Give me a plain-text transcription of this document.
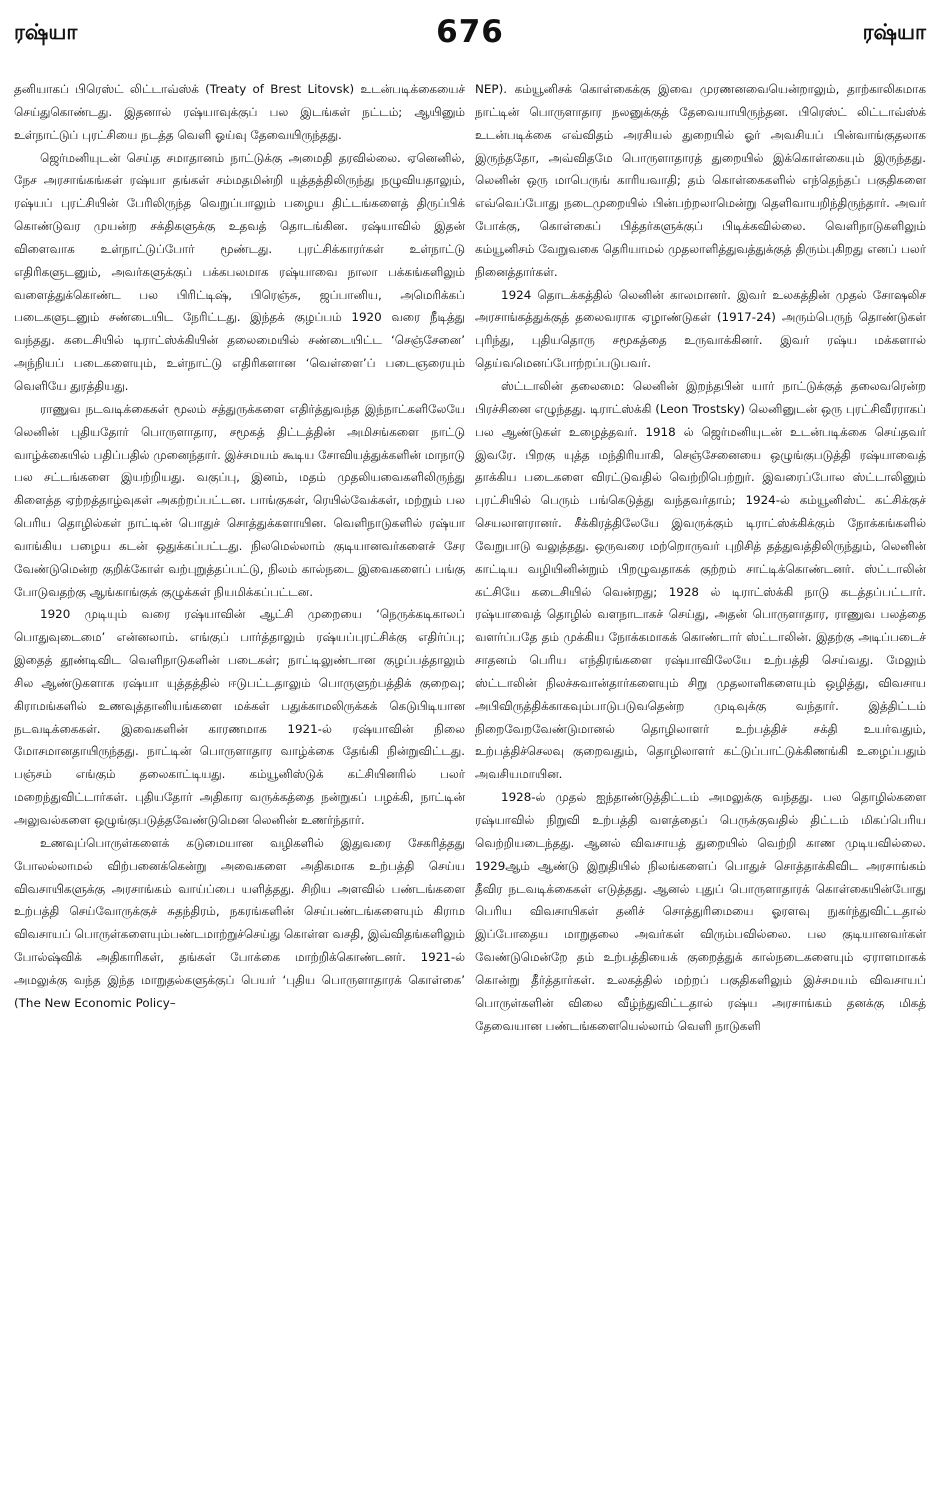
ரஷ்யா	676	ரஷ்யா

தனியாகப் பிரெஸ்ட் லிட்டாவ்ஸ்க் (Treaty of Brest Litovsk) உடன்படிக்கையைச் செய்துகொண்டது. இதனால் ரஷ்யாவுக்குப் பல இடங்கள் நட்டம்; ஆயினும் உள்நாட்டுப் புரட்சியை நடத்த வெளி ஓய்வு தேவையிருந்தது.

ஜெர்மனியுடன் செய்த சமாதானம் நாட்டுக்கு அமைதி தரவில்லை. ஏனெனில், நேச அரசாங்கங்கள் ரஷ்யா தங்கள் சம்மதமின்றி யுத்தத்திலிருந்து நழுவியதாலும், ரஷ்யப் புரட்சியின் பேரிலிருந்த வெறுப்பாலும் பழைய திட்டங்களைத் திருப்பிக் கொண்டுவர முயன்ற சக்திகளுக்கு உதவத் தொடங்கின. ரஷ்யாவில் இதன் விளைவாக உள்நாட்டுப்போர் மூண்டது. புரட்சிக்காரர்கள் உள்நாட்டு எதிரிகளுடனும், அவர்களுக்குப் பக்கபலமாக ரஷ்யாவை நாலா பக்கங்களிலும் வளைத்துக்கொண்ட பல பிரிட்டிஷ், பிரெஞ்சு, ஜப்பானிய, அமெரிக்கப் படைகளுடனும் சண்டையிட நேரிட்டது. இந்தக் குழப்பம் 1920 வரை நீடித்து வந்தது. கடைசியில் டிராட்ஸ்க்கியின் தலைமையில் சண்டையிட்ட ‘செஞ்சேனை’ அந்நியப் படைகளையும், உள்நாட்டு எதிரிகளான ‘வெள்ளை’ப் படைஞரையும் வெளியே துரத்தியது.

ராணுவ நடவடிக்கைகள் மூலம் சத்துருக்களை எதிர்த்துவந்த இந்நாட்களிலேயே லெனின் புதியதோர் பொருளாதார, சமூகத் திட்டத்தின் அமிசங்களை நாட்டு வாழ்க்கையில் பதிப்பதில் முனைந்தார். இச்சமயம் கூடிய சோவியத்துக்களின் மாநாடு பல சட்டங்களை இயற்றியது. வகுப்பு, இனம், மதம் முதலியவைகளிலிருந்து கிளைத்த ஏற்றத்தாழ்வுகள் அகற்றப்பட்டன. பாங்குகள், ரெயில்வேக்கள், மற்றும் பல பெரிய தொழில்கள் நாட்டின் பொதுச் சொத்துக்களாயின. வெளிநாடுகளில் ரஷ்யா வாங்கிய பழைய கடன் ஒதுக்கப்பட்டது. நிலமெல்லாம் குடியானவர்களைச் சேர வேண்டுமென்ற குறிக்கோள் வற்புறுத்தப்பட்டு, நிலம் கால்நடை இவைகளைப் பங்கு போடுவதற்கு ஆங்காங்குக் குழுக்கள் நியமிக்கப்பட்டன.

1920 முடியும் வரை ரஷ்யாவின் ஆட்சி முறையை ‘நெருக்கடிகாலப் பொதுவுடைமை’ என்னலாம். எங்குப் பார்த்தாலும் ரஷ்யப்புரட்சிக்கு எதிர்ப்பு; இதைத் தூண்டிவிட வெளிநாடுகளின் படைகள்; நாட்டிலுண்டான குழப்பத்தாலும் சில ஆண்டுகளாக ரஷ்யா யுத்தத்தில் ஈடுபட்டதாலும் பொருளுற்பத்திக் குறைவு; கிராமங்களில் உணவுத்தானியங்களை மக்கள் பதுக்காமலிருக்கக் கெடுபிடியான நடவடிக்கைகள். இவைகளின் காரணமாக 1921-ல் ரஷ்யாவின் நிலை மோசமானதாயிருந்தது. நாட்டின் பொருளாதார வாழ்க்கை தேங்கி நின்றுவிட்டது. பஞ்சம் எங்கும் தலைகாட்டியது. கம்யூனிஸ்டுக் கட்சியினரில் பலர் மறைந்துவிட்டார்கள். புதியதோர் அதிகார வருக்கத்தை நன்றுகப் பழக்கி, நாட்டின் அலுவல்களை ஒழுங்குபடுத்தவேண்டுமென லெனின் உணர்ந்தார்.

உணவுப்பொருள்களைக் கடுமையான வழிகளில் இதுவரை சேகரித்தது போலல்லாமல் விற்பனைக்கென்று அவைகளை அதிகமாக உற்பத்தி செய்ய விவசாயிகளுக்கு அரசாங்கம் வாய்ப்பை யளித்தது. சிறிய அளவில் பண்டங்களை உற்பத்தி செய்வோருக்குச் சுதந்திரம், நகரங்களின் செய்பண்டங்களையும் கிராம விவசாயப் பொருள்களையும்பண்டமாற்றுச்செய்து கொள்ள வசதி, இவ்விதங்களிலும் போல்ஷ்விக் அதிகாரிகள், தங்கள் போக்கை மாற்றிக்கொண்டனர். 1921-ல் அமலுக்கு வந்த இந்த மாறுதல்களுக்குப் பெயர் ‘புதிய பொருளாதாரக் கொள்கை’ (The New Economic Policy–

NEP). கம்யூனிசக் கொள்கைக்கு இவை முரணனவையென்றாலும், தாற்காலிகமாக நாட்டின் பொருளாதார நலனுக்குத் தேவையாயிருந்தன. பிரெஸ்ட் லிட்டாவ்ஸ்க் உடன்படிக்கை எவ்விதம் அரசியல் துறையில் ஓர் அவசியப் பின்வாங்குதலாக இருந்ததோ, அவ்விதமே பொருளாதாரத் துறையில் இக்கொள்கையும் இருந்தது. லெனின் ஒரு மாபெருங் காரியவாதி; தம் கொள்கைகளில் எந்தெந்தப் பகுதிகளை எவ்வெப்போது நடைமுறையில் பின்பற்றலாமென்று தெளிவாயறிந்திருந்தார். அவர் போக்கு, கொள்கைப் பித்தர்களுக்குப் பிடிக்கவில்லை. வெளிநாடுகளிலும் கம்யூனிசம் வேறுவகை தெரியாமல் முதலாளித்துவத்துக்குத் திரும்புகிறது எனப் பலர் நினைத்தார்கள்.

1924 தொடக்கத்தில் லெனின் காலமானர். இவர் உலகத்தின் முதல் சோஷலிச அரசாங்கத்துக்குத் தலைவராக ஏழாண்டுகள் (1917-24) அரும்பெருந் தொண்டுகள் புரிந்து, புதியதொரு சமூகத்தை உருவாக்கினர். இவர் ரஷ்ய மக்களால் தெய்வமெனப்போற்றப்படுபவர்.

ஸ்ட்டாலின் தலைமை: லெனின் இறந்தபின் யார் நாட்டுக்குத் தலைவரென்ற பிரச்சினை எழுந்தது. டிராட்ஸ்க்கி (Leon Trostsky) லெனினுடன் ஒரு புரட்சிவீரராகப் பல ஆண்டுகள் உழைத்தவர். 1918 ல் ஜெர்மனியுடன் உடன்படிக்கை செய்தவர் இவரே. பிறகு யுத்த மந்திரியாகி, செஞ்சேனையை ஒழுங்குபடுத்தி ரஷ்யாவைத் தாக்கிய படைகளை விரட்டுவதில் வெற்றிபெற்றுர். இவரைப்போல ஸ்ட்டாலினும் புரட்சியில் பெரும் பங்கெடுத்து வந்தவர்தாம்; 1924-ல் கம்யூனிஸ்ட் கட்சிக்குச் செயலாளரானர். சீக்கிரத்திலேயே இவருக்கும் டிராட்ஸ்க்கிக்கும் நோக்கங்களில் வேறுபாடு வலுத்தது. ஒருவரை மற்றொருவர் புறிசித் தத்துவத்திலிருந்தும், லெனின் காட்டிய வழியினின்றும் பிறழுவதாகக் குற்றம் சாட்டிக்கொண்டனர். ஸ்ட்டாலின் கட்சியே கடைசியில் வென்றது; 1928 ல் டிராட்ஸ்க்கி நாடு கடத்தப்பட்டார். ரஷ்யாவைத் தொழில் வளநாடாகச் செய்து, அதன் பொருளாதார, ராணுவ பலத்தை வளர்ப்பதே தம் முக்கிய நோக்கமாகக் கொண்டார் ஸ்ட்டாலின். இதற்கு அடிப்படைச் சாதனம் பெரிய எந்திரங்களை ரஷ்யாவிலேயே உற்பத்தி செய்வது. மேலும் ஸ்ட்டாலின் நிலச்சுவான்தார்களையும் சிறு முதலாளிகளையும் ஒழித்து, விவசாய அபிவிருத்திக்காகவும்பாடுபடுவதென்ற முடிவுக்கு வந்தார். இத்திட்டம் நிறைவேறவேண்டுமானல் தொழிலாளர் உற்பத்திச் சக்தி உயர்வதும், உற்பத்திச்செலவு குறைவதும், தொழிலாளர் கட்டுப்பாட்டுக்கிணங்கி உழைப்பதும் அவசியமாயின.

1928-ல் முதல் ஐந்தாண்டுத்திட்டம் அமலுக்கு வந்தது. பல தொழில்களை ரஷ்யாவில் நிறுவி உற்பத்தி வளத்தைப் பெருக்குவதில் திட்டம் மிகப்பெரிய வெற்றியடைந்தது. ஆனல் விவசாயத் துறையில் வெற்றி காண முடியவில்லை. 1929ஆம் ஆண்டு இறுதியில் நிலங்களைப் பொதுச் சொத்தாக்கிவிட அரசாங்கம் தீவிர நடவடிக்கைகள் எடுத்தது. ஆனல் புதுப் பொருளாதாரக் கொள்கையின்போது பெரிய விவசாயிகள் தனிச் சொத்துரிமையை ஓரளவு நுகர்ந்துவிட்டதால் இப்போதைய மாறுதலை அவர்கள் விரும்பவில்லை. பல குடியானவர்கள் வேண்டுமென்றே தம் உற்பத்தியைக் குறைத்துக் கால்நடைகளையும் ஏராளமாகக் கொன்று தீர்த்தார்கள். உலகத்தில் மற்றப் பகுதிகளிலும் இச்சமயம் விவசாயப் பொருள்களின் விலை வீழ்ந்துவிட்டதால் ரஷ்ய அரசாங்கம் தனக்கு மிகத் தேவையான பண்டங்களையெல்லாம் வெளி நாடுகளி
